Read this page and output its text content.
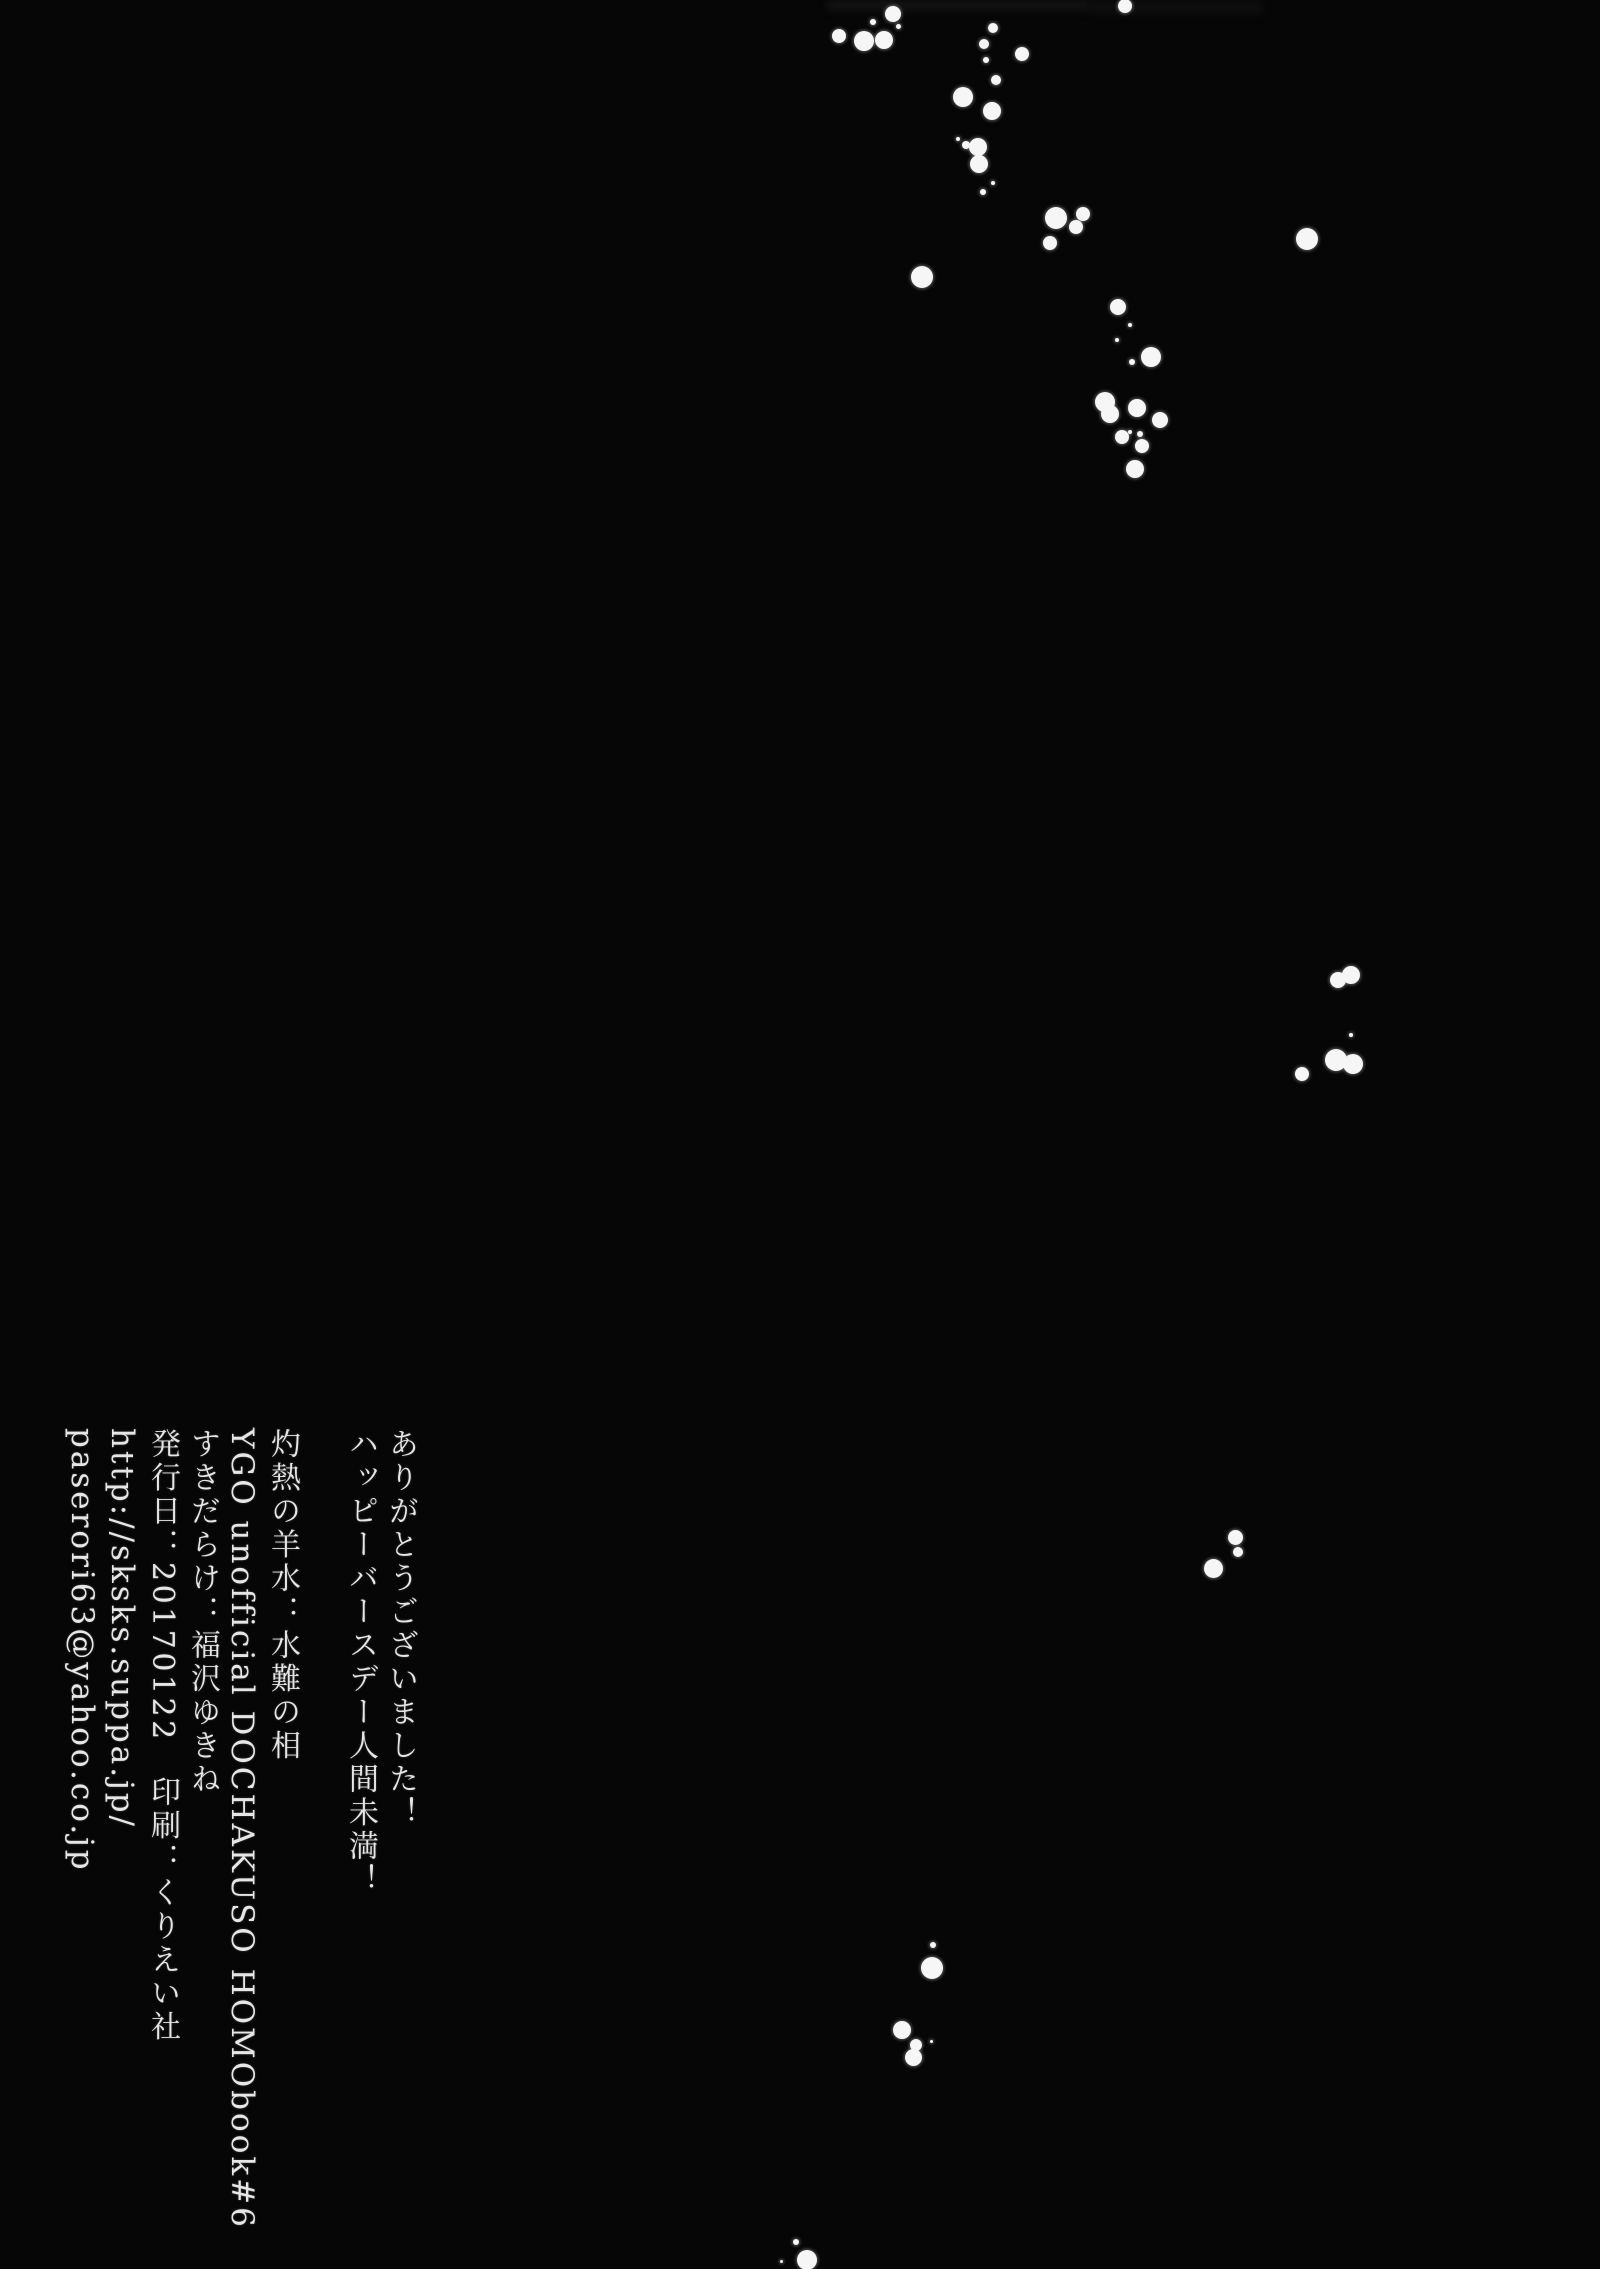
ありがとうございました！
ハッピーバースデー人間未満！
灼熱の羊水：水難の相
YGO unofficial DOCHAKUSO HOMObook#6
すきだらけ：福沢ゆきね
発行日：20170122　印刷：くりえい社
http://sksks.suppa.jp/
paserori63@yahoo.co.jp
